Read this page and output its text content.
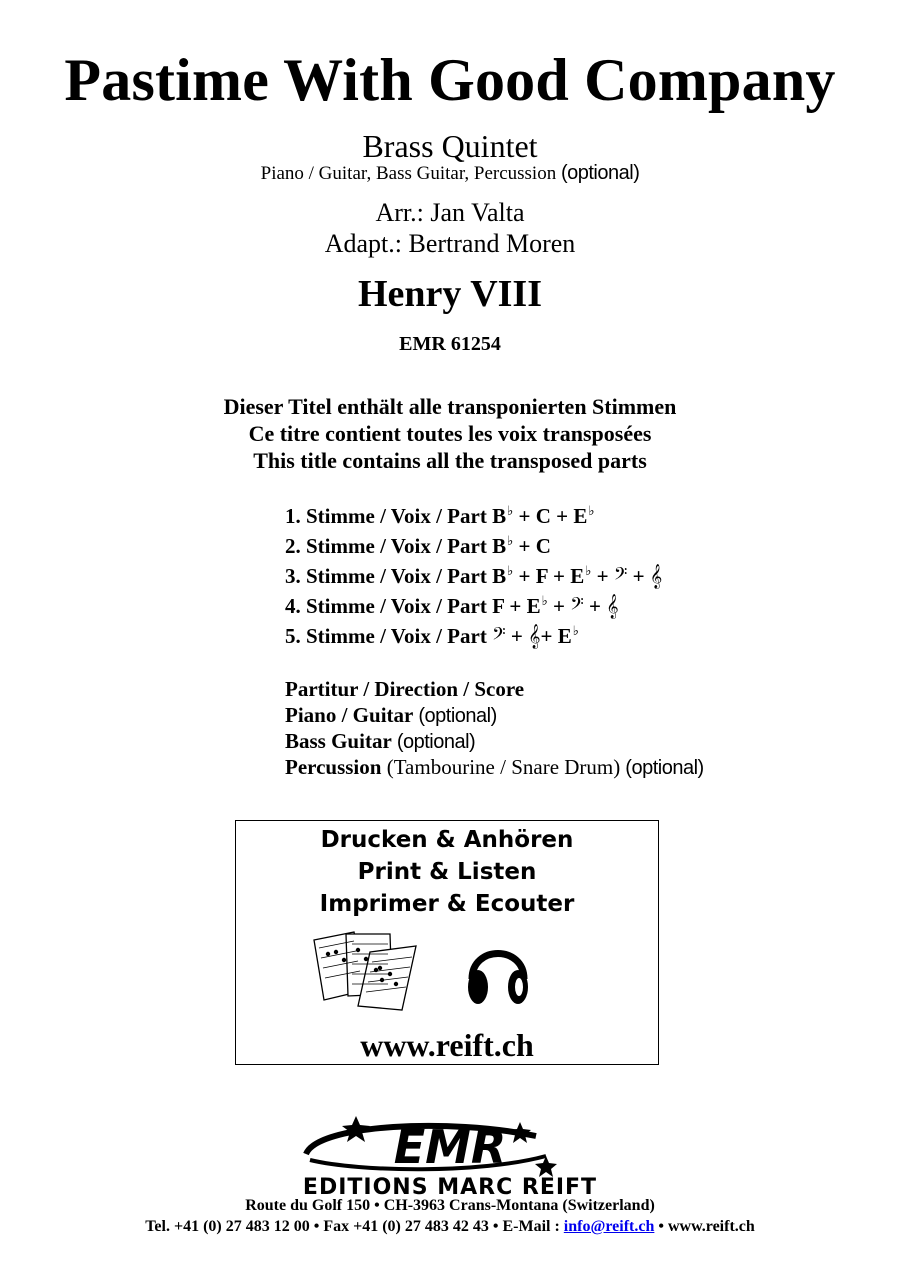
Pastime With Good Company
Brass Quintet
Piano / Guitar, Bass Guitar, Percussion (optional)
Arr.: Jan Valta
Adapt.: Bertrand Moren
Henry VIII
EMR 61254
Dieser Titel enthält alle transponierten Stimmen
Ce titre contient toutes les voix transposées
This title contains all the transposed parts
1. Stimme / Voix / Part B♭ + C + E♭
2. Stimme / Voix / Part B♭ + C
3. Stimme / Voix / Part B♭ + F + E♭ + 𝄢 + 𝄞
4. Stimme / Voix / Part F + E♭ + 𝄢 + 𝄞
5. Stimme / Voix / Part 𝄢 + 𝄞+ E♭
Partitur / Direction / Score
Piano / Guitar (optional)
Bass Guitar (optional)
Percussion (Tambourine / Snare Drum) (optional)
Drucken & Anhören
Print & Listen
Imprimer & Ecouter
www.reift.ch
EMR
EDITIONS MARC REIFT
Route du Golf 150 • CH-3963 Crans-Montana (Switzerland)
Tel. +41 (0) 27 483 12 00 • Fax +41 (0) 27 483 42 43 • E-Mail : info@reift.ch • www.reift.ch
